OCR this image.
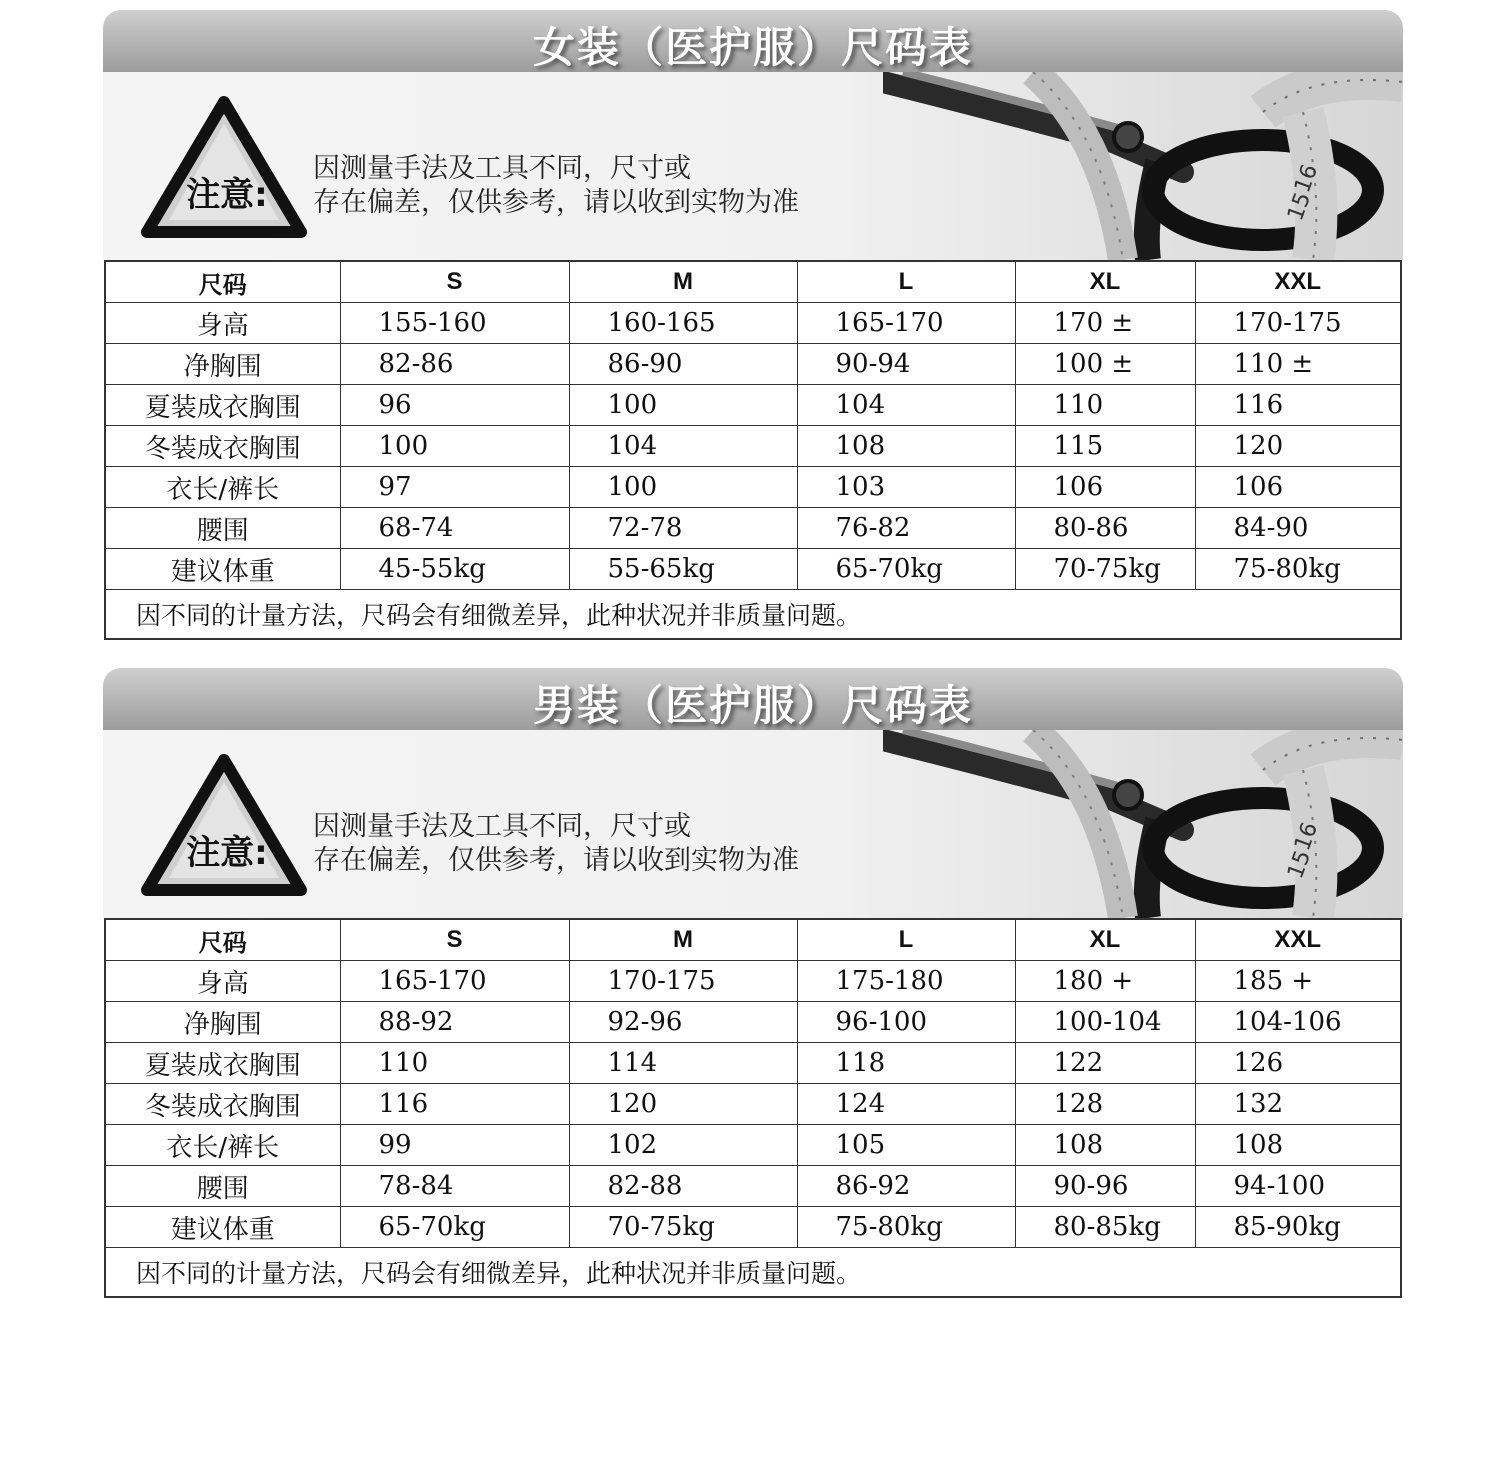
女装（医护服）尺码表
注意:
因测量手法及工具不同，尺寸或
存在偏差，仅供参考，请以收到实物为准	15
16
尺码	S	M	L	XL	XXL
身高	155-160	160-165	165-170	170 ±	170-175
净胸围	82-86	86-90	90-94	100 ±	110 ±
夏装成衣胸围	96	100	104	110	116
冬装成衣胸围	100	104	108	115	120
衣长/裤长	97	100	103	106	106
腰围	68-74	72-78	76-82	80-86	84-90
建议体重	45-55kg	55-65kg	65-70kg	70-75kg	75-80kg
因不同的计量方法，尺码会有细微差异，此种状况并非质量问题。					
男装（医护服）尺码表
注意:
因测量手法及工具不同，尺寸或
存在偏差，仅供参考，请以收到实物为准	15
16
尺码	S	M	L	XL	XXL
身高	165-170	170-175	175-180	180 +	185 +
净胸围	88-92	92-96	96-100	100-104	104-106
夏装成衣胸围	110	114	118	122	126
冬装成衣胸围	116	120	124	128	132
衣长/裤长	99	102	105	108	108
腰围	78-84	82-88	86-92	90-96	94-100
建议体重	65-70kg	70-75kg	75-80kg	80-85kg	85-90kg
因不同的计量方法，尺码会有细微差异，此种状况并非质量问题。					
